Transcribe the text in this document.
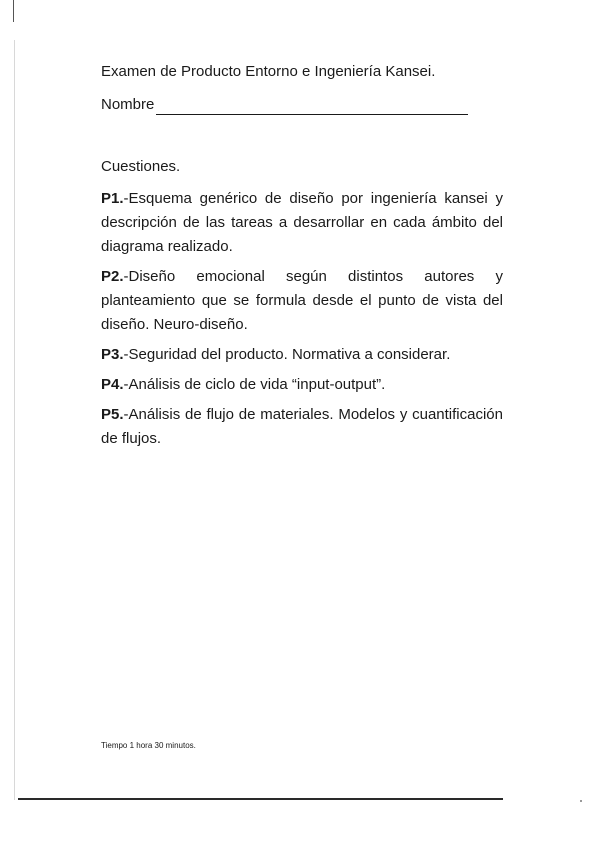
Examen de Producto Entorno e Ingeniería Kansei.

Nombre
Cuestiones.
P1.-Esquema genérico de diseño por ingeniería kansei y descripción de las tareas a desarrollar en cada ámbito del diagrama realizado.
P2.-Diseño emocional según distintos autores y planteamiento que se formula desde el punto de vista del diseño. Neuro-diseño.
P3.-Seguridad del producto. Normativa a considerar.
P4.-Análisis de ciclo de vida “input-output”.
P5.-Análisis de flujo de materiales. Modelos y cuantificación de flujos.
Tiempo 1 hora 30 minutos.
